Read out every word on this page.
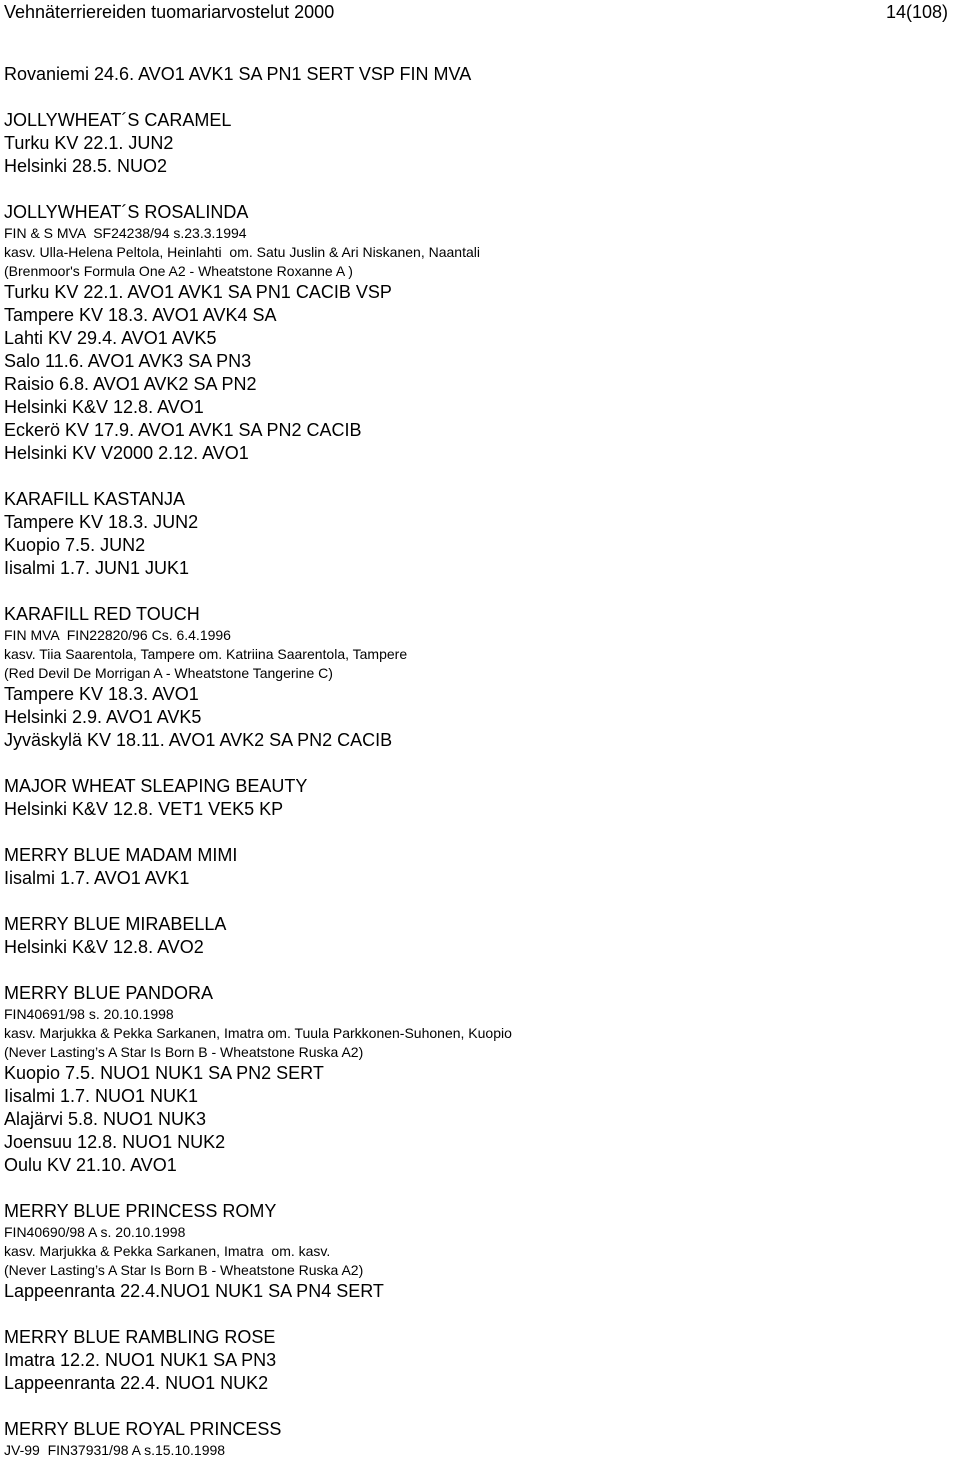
Vehnäterriereiden tuomariarvostelut 2000	14(108)
Rovaniemi 24.6. AVO1 AVK1 SA PN1 SERT VSP FIN MVA
JOLLYWHEAT´S CARAMEL
Turku KV 22.1. JUN2
Helsinki 28.5. NUO2
JOLLYWHEAT´S ROSALINDA
FIN & S MVA  SF24238/94 s.23.3.1994
kasv. Ulla-Helena Peltola, Heinlahti  om. Satu Juslin & Ari Niskanen, Naantali
(Brenmoor's Formula One A2 - Wheatstone Roxanne A )
Turku KV 22.1. AVO1 AVK1 SA PN1 CACIB VSP
Tampere KV 18.3. AVO1 AVK4 SA
Lahti KV 29.4. AVO1 AVK5
Salo 11.6. AVO1 AVK3 SA PN3
Raisio 6.8. AVO1 AVK2 SA PN2
Helsinki K&V 12.8. AVO1
Eckerö KV 17.9. AVO1 AVK1 SA PN2 CACIB
Helsinki KV V2000 2.12. AVO1
KARAFILL KASTANJA
Tampere KV 18.3. JUN2
Kuopio 7.5. JUN2
Iisalmi 1.7. JUN1 JUK1
KARAFILL RED TOUCH
FIN MVA  FIN22820/96 Cs. 6.4.1996
kasv. Tiia Saarentola, Tampere om. Katriina Saarentola, Tampere
(Red Devil De Morrigan A - Wheatstone Tangerine C)
Tampere KV 18.3. AVO1
Helsinki 2.9. AVO1 AVK5
Jyväskylä KV 18.11. AVO1 AVK2 SA PN2 CACIB
MAJOR WHEAT SLEAPING BEAUTY
Helsinki K&V 12.8. VET1 VEK5 KP
MERRY BLUE MADAM MIMI
Iisalmi 1.7. AVO1 AVK1
MERRY BLUE MIRABELLA
Helsinki K&V 12.8. AVO2
MERRY BLUE PANDORA
FIN40691/98 s. 20.10.1998
kasv. Marjukka & Pekka Sarkanen, Imatra om. Tuula Parkkonen-Suhonen, Kuopio
(Never Lasting’s A Star Is Born B - Wheatstone Ruska A2)
Kuopio 7.5. NUO1 NUK1 SA PN2 SERT
Iisalmi 1.7. NUO1 NUK1
Alajärvi 5.8. NUO1 NUK3
Joensuu 12.8. NUO1 NUK2
Oulu KV 21.10. AVO1
MERRY BLUE PRINCESS ROMY
FIN40690/98 A s. 20.10.1998
kasv. Marjukka & Pekka Sarkanen, Imatra  om. kasv.
(Never Lasting’s A Star Is Born B - Wheatstone Ruska A2)
Lappeenranta 22.4.NUO1 NUK1 SA PN4 SERT
MERRY BLUE RAMBLING ROSE
Imatra 12.2. NUO1 NUK1 SA PN3
Lappeenranta 22.4. NUO1 NUK2
MERRY BLUE ROYAL PRINCESS
JV-99  FIN37931/98 A s.15.10.1998
